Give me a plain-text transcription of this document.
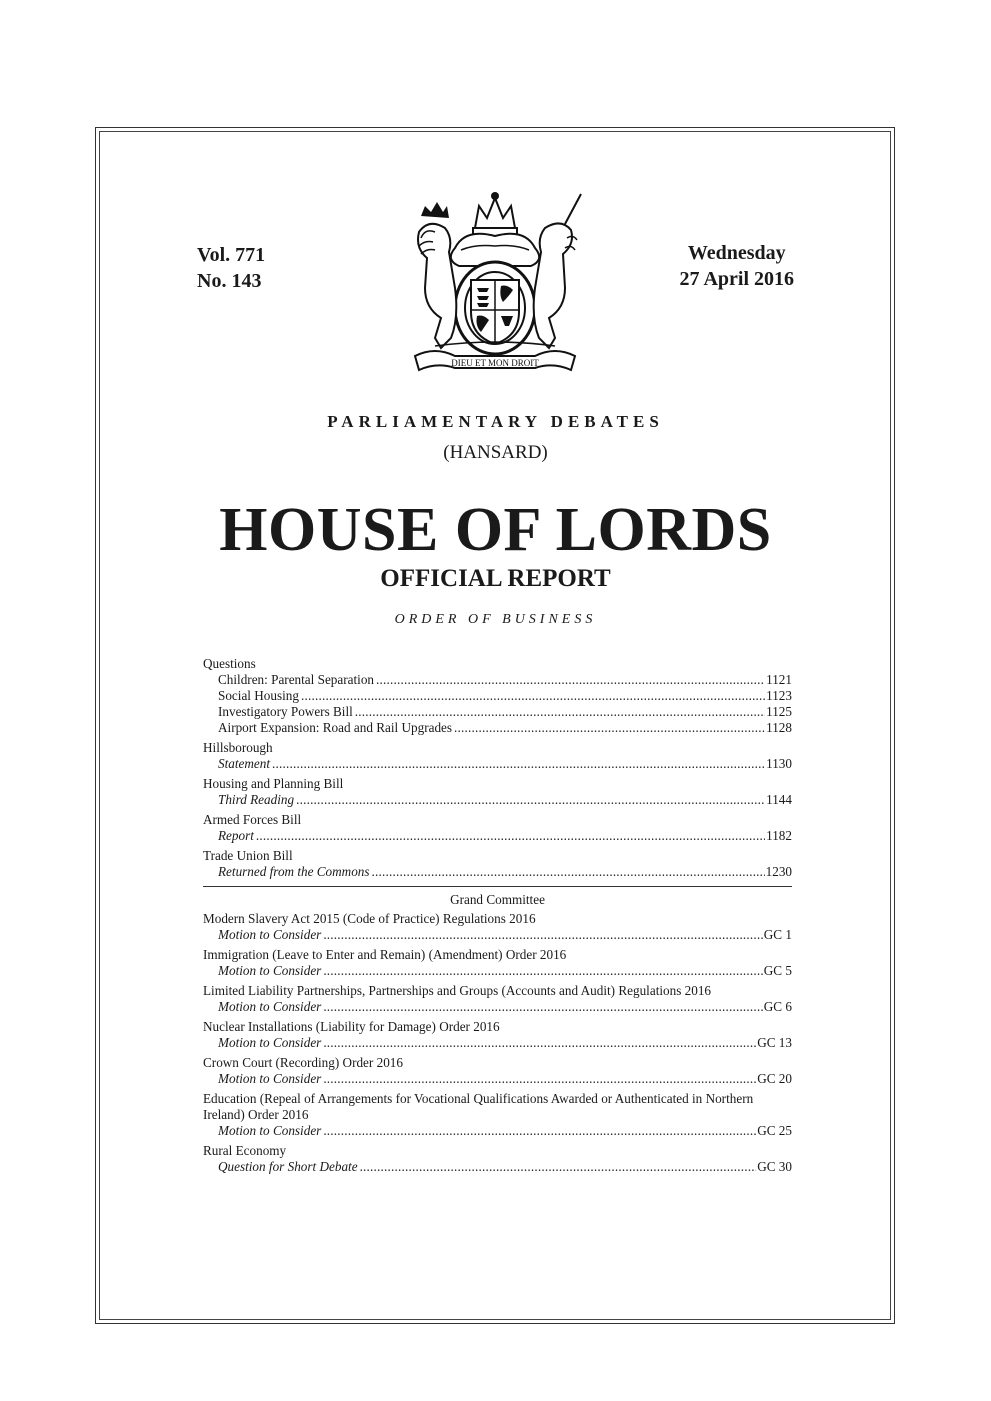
Vol. 771
No. 143
Wednesday
27 April 2016
DIEU ET MON DROIT
PARLIAMENTARY DEBATES
(HANSARD)
HOUSE OF LORDS
OFFICIAL REPORT
ORDER OF BUSINESS
Questions
Children: Parental Separation .....	1121
Social Housing .....	1123
Investigatory Powers Bill .....	1125
Airport Expansion: Road and Rail Upgrades .....	1128
Hillsborough
Statement .....	1130
Housing and Planning Bill
Third Reading .....	1144
Armed Forces Bill
Report .....	1182
Trade Union Bill
Returned from the Commons .....	1230
Grand Committee
Modern Slavery Act 2015 (Code of Practice) Regulations 2016
Motion to Consider .....	GC 1
Immigration (Leave to Enter and Remain) (Amendment) Order 2016
Motion to Consider .....	GC 5
Limited Liability Partnerships, Partnerships and Groups (Accounts and Audit) Regulations 2016
Motion to Consider .....	GC 6
Nuclear Installations (Liability for Damage) Order 2016
Motion to Consider .....	GC 13
Crown Court (Recording) Order 2016
Motion to Consider .....	GC 20
Education (Repeal of Arrangements for Vocational Qualifications Awarded or Authenticated in Northern Ireland) Order 2016
Motion to Consider .....	GC 25
Rural Economy
Question for Short Debate .....	GC 30
